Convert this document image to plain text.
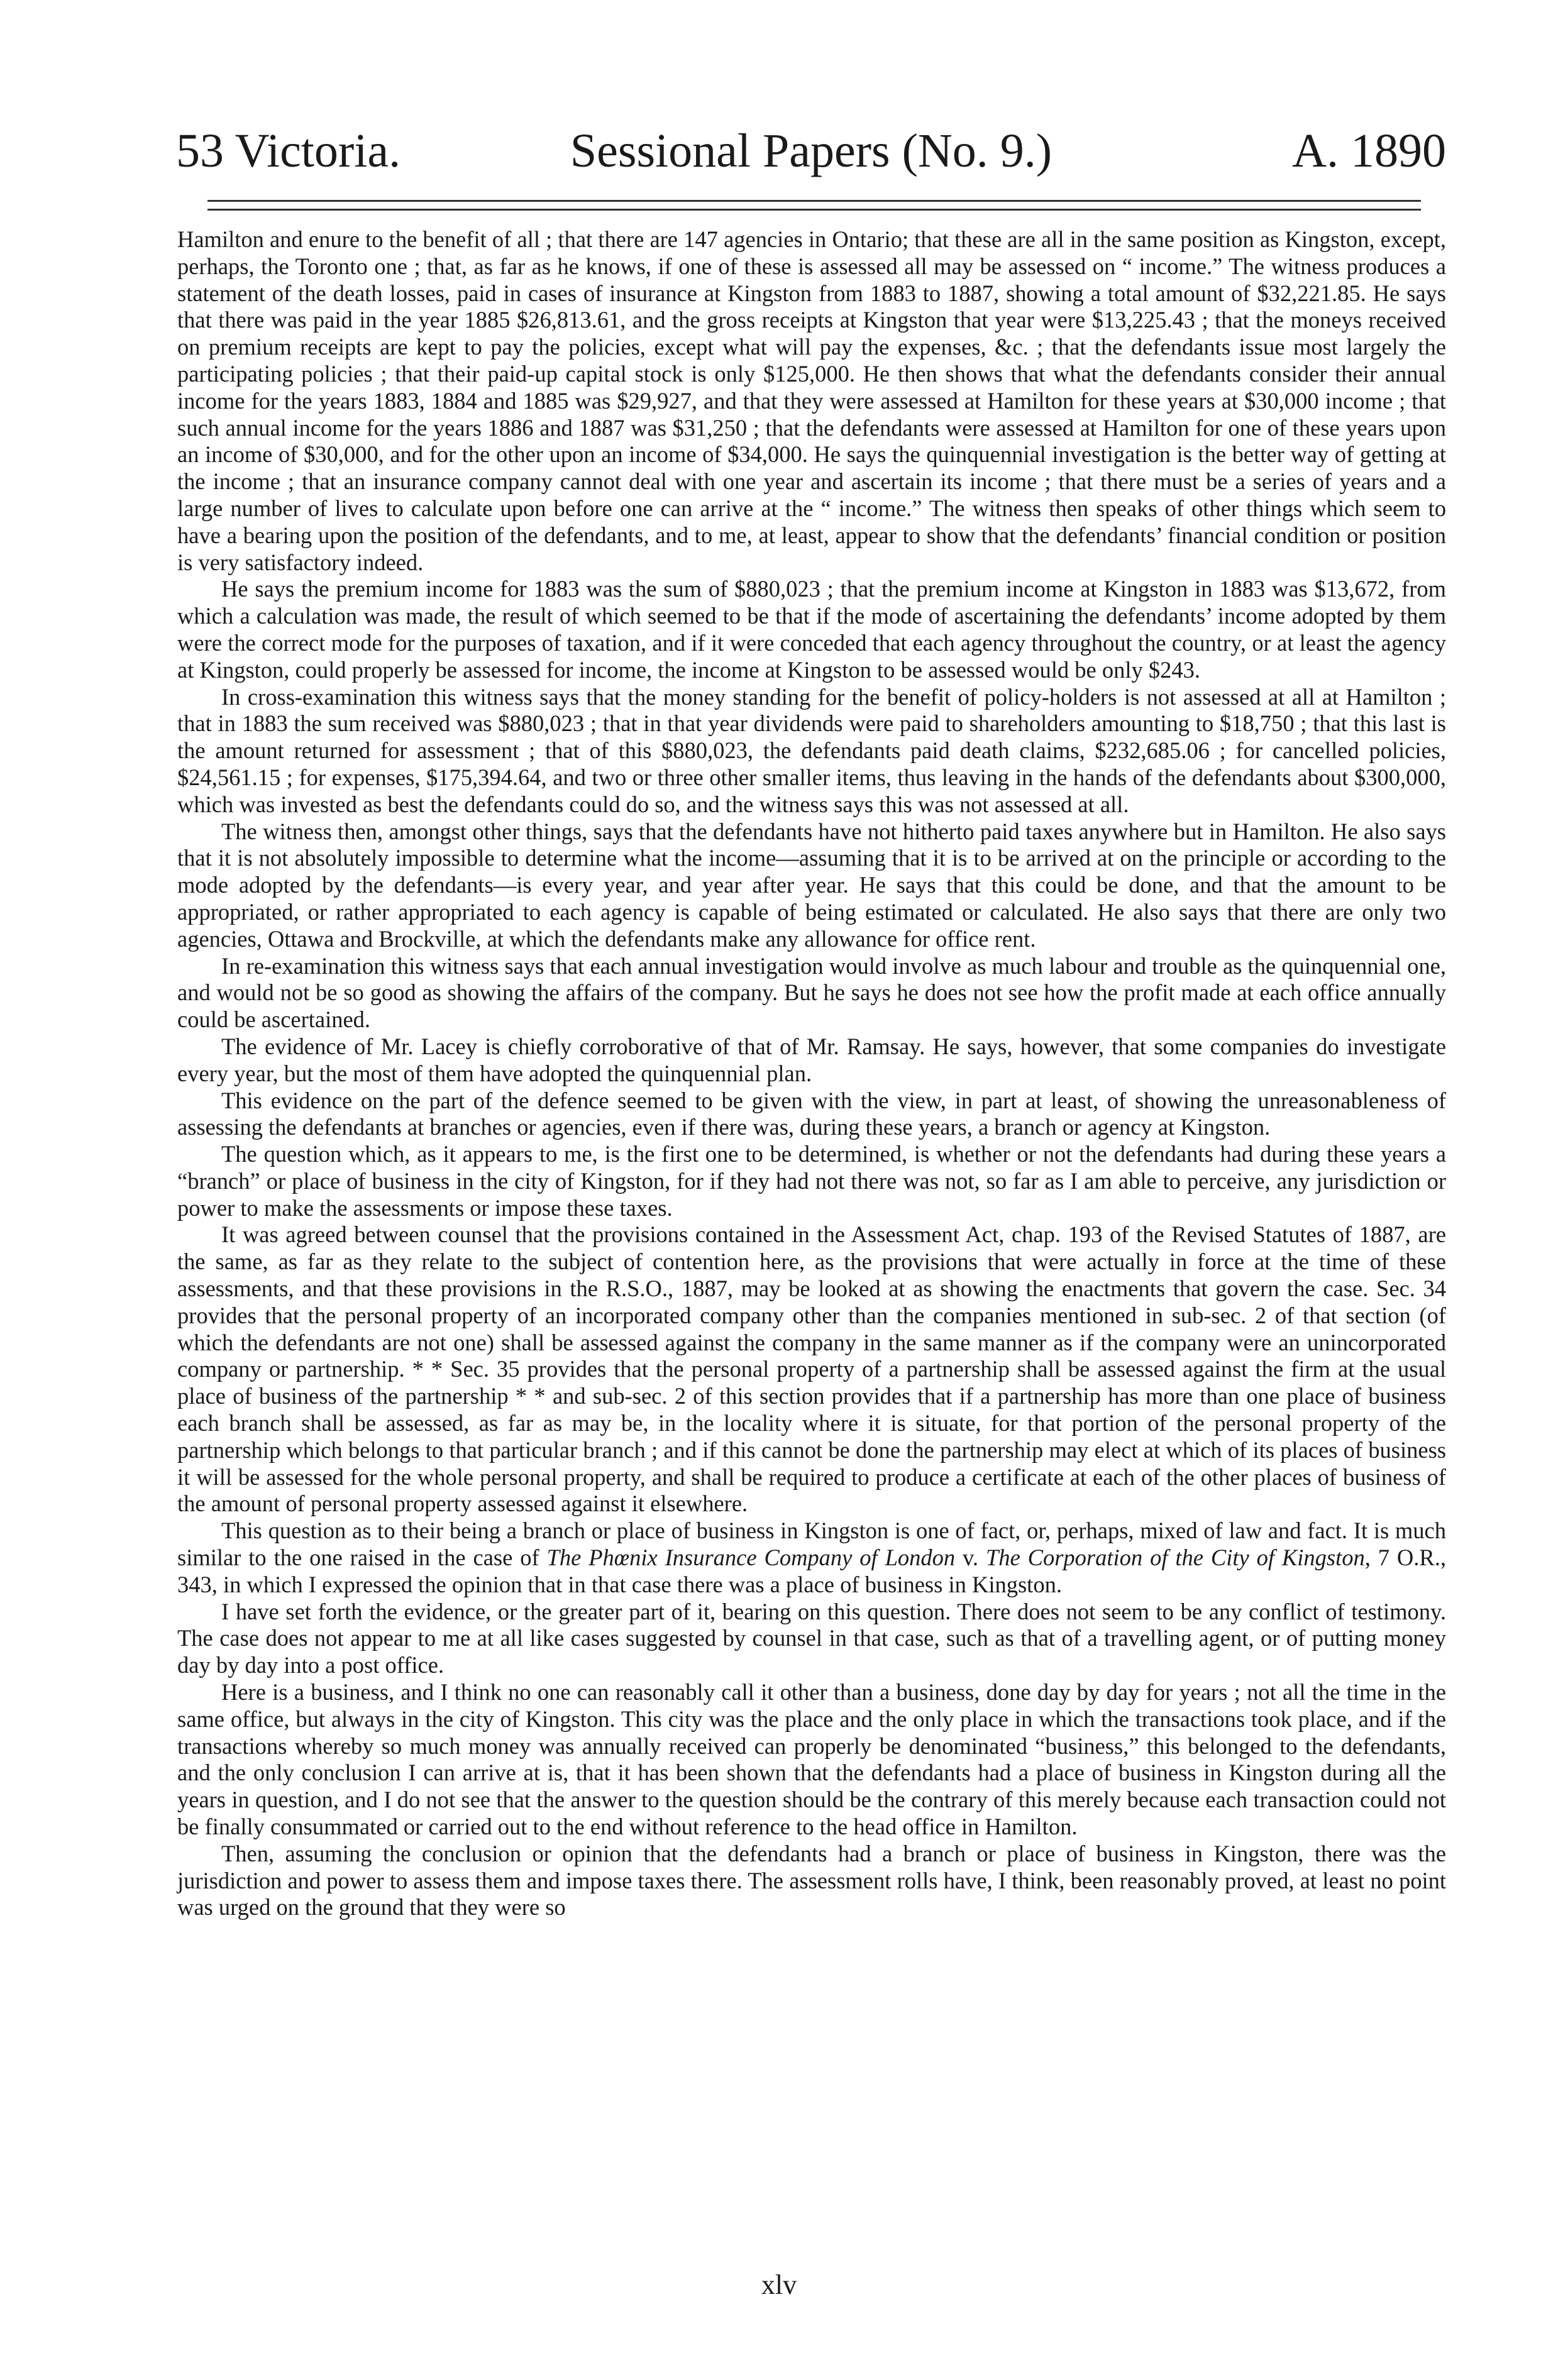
53 Victoria.	Sessional Papers (No. 9.)	A. 1890

Hamilton and enure to the benefit of all ; that there are 147 agencies in Ontario; that these are all in the same position as Kingston, except, perhaps, the Toronto one ; that, as far as he knows, if one of these is assessed all may be assessed on “ income.” The witness produces a statement of the death losses, paid in cases of insurance at Kingston from 1883 to 1887, showing a total amount of $32,221.85. He says that there was paid in the year 1885 $26,813.61, and the gross receipts at Kingston that year were $13,225.43 ; that the moneys received on premium receipts are kept to pay the policies, except what will pay the expenses, &c. ; that the defendants issue most largely the participating policies ; that their paid-up capital stock is only $125,000. He then shows that what the defendants consider their annual income for the years 1883, 1884 and 1885 was $29,927, and that they were assessed at Hamilton for these years at $30,000 income ; that such annual income for the years 1886 and 1887 was $31,250 ; that the defendants were assessed at Hamilton for one of these years upon an income of $30,000, and for the other upon an income of $34,000. He says the quinquennial investigation is the better way of getting at the income ; that an insurance company cannot deal with one year and ascertain its income ; that there must be a series of years and a large number of lives to calculate upon before one can arrive at the “ income.” The witness then speaks of other things which seem to have a bearing upon the position of the defendants, and to me, at least, appear to show that the defendants’ financial condition or position is very satisfactory indeed.

He says the premium income for 1883 was the sum of $880,023 ; that the premium income at Kingston in 1883 was $13,672, from which a calculation was made, the result of which seemed to be that if the mode of ascertaining the defendants’ income adopted by them were the correct mode for the purposes of taxation, and if it were conceded that each agency throughout the country, or at least the agency at Kingston, could properly be assessed for income, the income at Kingston to be assessed would be only $243.

In cross-examination this witness says that the money standing for the benefit of policy-holders is not assessed at all at Hamilton ; that in 1883 the sum received was $880,023 ; that in that year dividends were paid to shareholders amounting to $18,750 ; that this last is the amount returned for assessment ; that of this $880,023, the defendants paid death claims, $232,685.06 ; for cancelled policies, $24,561.15 ; for expenses, $175,394.64, and two or three other smaller items, thus leaving in the hands of the defendants about $300,000, which was invested as best the defendants could do so, and the witness says this was not assessed at all.

The witness then, amongst other things, says that the defendants have not hitherto paid taxes anywhere but in Hamilton. He also says that it is not absolutely impossible to determine what the income—assuming that it is to be arrived at on the principle or according to the mode adopted by the defendants—is every year, and year after year. He says that this could be done, and that the amount to be appropriated, or rather appropriated to each agency is capable of being estimated or calculated. He also says that there are only two agencies, Ottawa and Brockville, at which the defendants make any allowance for office rent.

In re-examination this witness says that each annual investigation would involve as much labour and trouble as the quinquennial one, and would not be so good as showing the affairs of the company. But he says he does not see how the profit made at each office annually could be ascertained.

The evidence of Mr. Lacey is chiefly corroborative of that of Mr. Ramsay. He says, however, that some companies do investigate every year, but the most of them have adopted the quinquennial plan.

This evidence on the part of the defence seemed to be given with the view, in part at least, of showing the unreasonableness of assessing the defendants at branches or agencies, even if there was, during these years, a branch or agency at Kingston.

The question which, as it appears to me, is the first one to be determined, is whether or not the defendants had during these years a “branch” or place of business in the city of Kingston, for if they had not there was not, so far as I am able to perceive, any jurisdiction or power to make the assessments or impose these taxes.

It was agreed between counsel that the provisions contained in the Assessment Act, chap. 193 of the Revised Statutes of 1887, are the same, as far as they relate to the subject of contention here, as the provisions that were actually in force at the time of these assessments, and that these provisions in the R.S.O., 1887, may be looked at as showing the enactments that govern the case. Sec. 34 provides that the personal property of an incorporated company other than the companies mentioned in sub-sec. 2 of that section (of which the defendants are not one) shall be assessed against the company in the same manner as if the company were an unincorporated company or partnership. * * Sec. 35 provides that the personal property of a partnership shall be assessed against the firm at the usual place of business of the partnership * * and sub-sec. 2 of this section provides that if a partnership has more than one place of business each branch shall be assessed, as far as may be, in the locality where it is situate, for that portion of the personal property of the partnership which belongs to that particular branch ; and if this cannot be done the partnership may elect at which of its places of business it will be assessed for the whole personal property, and shall be required to produce a certificate at each of the other places of business of the amount of personal property assessed against it elsewhere.

This question as to their being a branch or place of business in Kingston is one of fact, or, perhaps, mixed of law and fact. It is much similar to the one raised in the case of The Phœnix Insurance Company of London v. The Corporation of the City of Kingston, 7 O.R., 343, in which I expressed the opinion that in that case there was a place of business in Kingston.

I have set forth the evidence, or the greater part of it, bearing on this question. There does not seem to be any conflict of testimony. The case does not appear to me at all like cases suggested by counsel in that case, such as that of a travelling agent, or of putting money day by day into a post office.

Here is a business, and I think no one can reasonably call it other than a business, done day by day for years ; not all the time in the same office, but always in the city of Kingston. This city was the place and the only place in which the transactions took place, and if the transactions whereby so much money was annually received can properly be denominated “business,” this belonged to the defendants, and the only conclusion I can arrive at is, that it has been shown that the defendants had a place of business in Kingston during all the years in question, and I do not see that the answer to the question should be the contrary of this merely because each transaction could not be finally consummated or carried out to the end without reference to the head office in Hamilton.

Then, assuming the conclusion or opinion that the defendants had a branch or place of business in Kingston, there was the jurisdiction and power to assess them and impose taxes there. The assessment rolls have, I think, been reasonably proved, at least no point was urged on the ground that they were so

xlv
